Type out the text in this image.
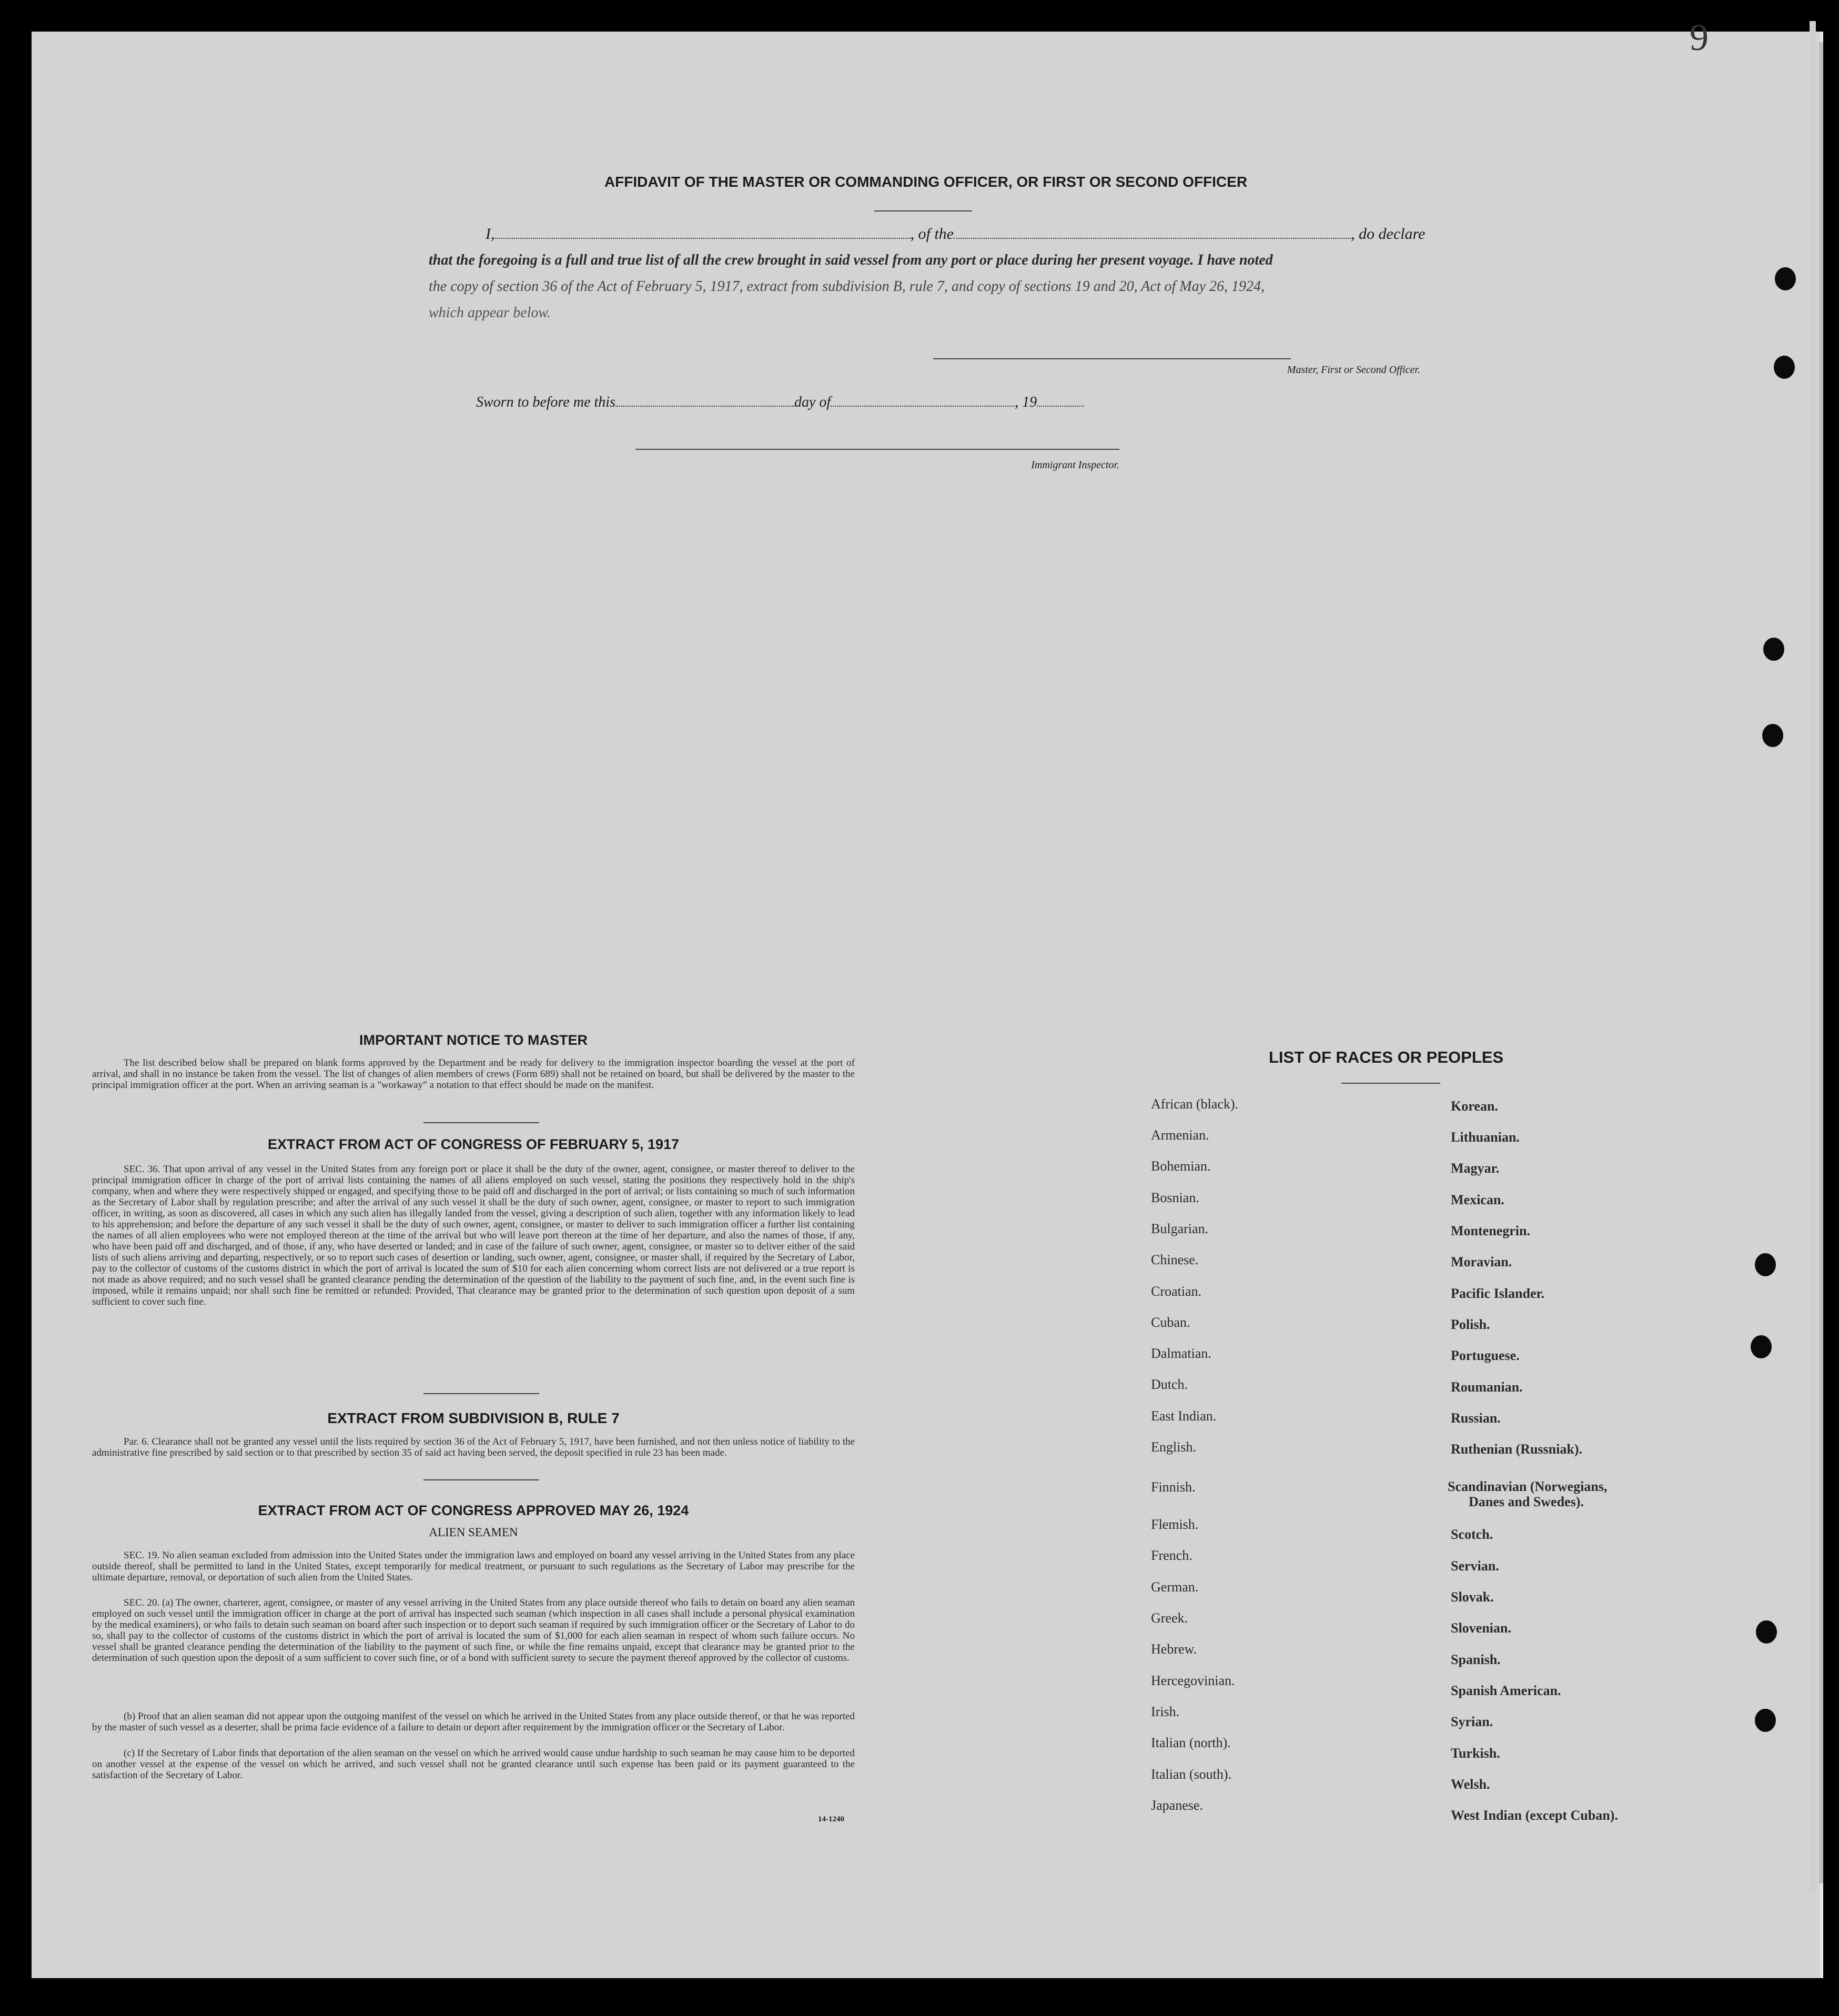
9
AFFIDAVIT OF THE MASTER OR COMMANDING OFFICER, OR FIRST OR SECOND OFFICER
I,	, of the	, do declare
that the foregoing is a full and true list of all the crew brought in said vessel from any port or place during her present voyage. I have noted
the copy of section 36 of the Act of February 5, 1917, extract from subdivision B, rule 7, and copy of sections 19 and 20, Act of May 26, 1924,
which appear below.
Master, First or Second Officer.
Sworn to before me this	day of	, 19
Immigrant Inspector.
IMPORTANT NOTICE TO MASTER
The list described below shall be prepared on blank forms approved by the Department and be ready for delivery to the immigration inspector boarding the vessel at the port of arrival, and shall in no instance be taken from the vessel. The list of changes of alien members of crews (Form 689) shall not be retained on board, but shall be delivered by the master to the principal immigration officer at the port. When an arriving seaman is a "workaway" a notation to that effect should be made on the manifest.
EXTRACT FROM ACT OF CONGRESS OF FEBRUARY 5, 1917
SEC. 36. That upon arrival of any vessel in the United States from any foreign port or place it shall be the duty of the owner, agent, consignee, or master thereof to deliver to the principal immigration officer in charge of the port of arrival lists containing the names of all aliens employed on such vessel, stating the positions they respectively hold in the ship's company, when and where they were respectively shipped or engaged, and specifying those to be paid off and discharged in the port of arrival; or lists containing so much of such information as the Secretary of Labor shall by regulation prescribe; and after the arrival of any such vessel it shall be the duty of such owner, agent, consignee, or master to report to such immigration officer, in writing, as soon as discovered, all cases in which any such alien has illegally landed from the vessel, giving a description of such alien, together with any information likely to lead to his apprehension; and before the departure of any such vessel it shall be the duty of such owner, agent, consignee, or master to deliver to such immigration officer a further list containing the names of all alien employees who were not employed thereon at the time of the arrival but who will leave port thereon at the time of her departure, and also the names of those, if any, who have been paid off and discharged, and of those, if any, who have deserted or landed; and in case of the failure of such owner, agent, consignee, or master so to deliver either of the said lists of such aliens arriving and departing, respectively, or so to report such cases of desertion or landing, such owner, agent, consignee, or master shall, if required by the Secretary of Labor, pay to the collector of customs of the customs district in which the port of arrival is located the sum of $10 for each alien concerning whom correct lists are not delivered or a true report is not made as above required; and no such vessel shall be granted clearance pending the determination of the question of the liability to the payment of such fine, and, in the event such fine is imposed, while it remains unpaid; nor shall such fine be remitted or refunded: Provided, That clearance may be granted prior to the determination of such question upon deposit of a sum sufficient to cover such fine.
EXTRACT FROM SUBDIVISION B, RULE 7
Par. 6. Clearance shall not be granted any vessel until the lists required by section 36 of the Act of February 5, 1917, have been furnished, and not then unless notice of liability to the administrative fine prescribed by said section or to that prescribed by section 35 of said act having been served, the deposit specified in rule 23 has been made.
EXTRACT FROM ACT OF CONGRESS APPROVED MAY 26, 1924
ALIEN SEAMEN
SEC. 19. No alien seaman excluded from admission into the United States under the immigration laws and employed on board any vessel arriving in the United States from any place outside thereof, shall be permitted to land in the United States, except temporarily for medical treatment, or pursuant to such regulations as the Secretary of Labor may prescribe for the ultimate departure, removal, or deportation of such alien from the United States.
SEC. 20. (a) The owner, charterer, agent, consignee, or master of any vessel arriving in the United States from any place outside thereof who fails to detain on board any alien seaman employed on such vessel until the immigration officer in charge at the port of arrival has inspected such seaman (which inspection in all cases shall include a personal physical examination by the medical examiners), or who fails to detain such seaman on board after such inspection or to deport such seaman if required by such immigration officer or the Secretary of Labor to do so, shall pay to the collector of customs of the customs district in which the port of arrival is located the sum of $1,000 for each alien seaman in respect of whom such failure occurs. No vessel shall be granted clearance pending the determination of the liability to the payment of such fine, or while the fine remains unpaid, except that clearance may be granted prior to the determination of such question upon the deposit of a sum sufficient to cover such fine, or of a bond with sufficient surety to secure the payment thereof approved by the collector of customs.
(b) Proof that an alien seaman did not appear upon the outgoing manifest of the vessel on which he arrived in the United States from any place outside thereof, or that he was reported by the master of such vessel as a deserter, shall be prima facie evidence of a failure to detain or deport after requirement by the immigration officer or the Secretary of Labor.
(c) If the Secretary of Labor finds that deportation of the alien seaman on the vessel on which he arrived would cause undue hardship to such seaman he may cause him to be deported on another vessel at the expense of the vessel on which he arrived, and such vessel shall not be granted clearance until such expense has been paid or its payment guaranteed to the satisfaction of the Secretary of Labor.
14-1240
LIST OF RACES OR PEOPLES
African (black).
Armenian.
Bohemian.
Bosnian.
Bulgarian.
Chinese.
Croatian.
Cuban.
Dalmatian.
Dutch.
East Indian.
English.
Finnish.
Flemish.
French.
German.
Greek.
Hebrew.
Hercegovinian.
Irish.
Italian (north).
Italian (south).
Japanese.
Korean.
Lithuanian.
Magyar.
Mexican.
Montenegrin.
Moravian.
Pacific Islander.
Polish.
Portuguese.
Roumanian.
Russian.
Ruthenian (Russniak).
Scandinavian (Norwegians,
Danes and Swedes).
Scotch.
Servian.
Slovak.
Slovenian.
Spanish.
Spanish American.
Syrian.
Turkish.
Welsh.
West Indian (except Cuban).
